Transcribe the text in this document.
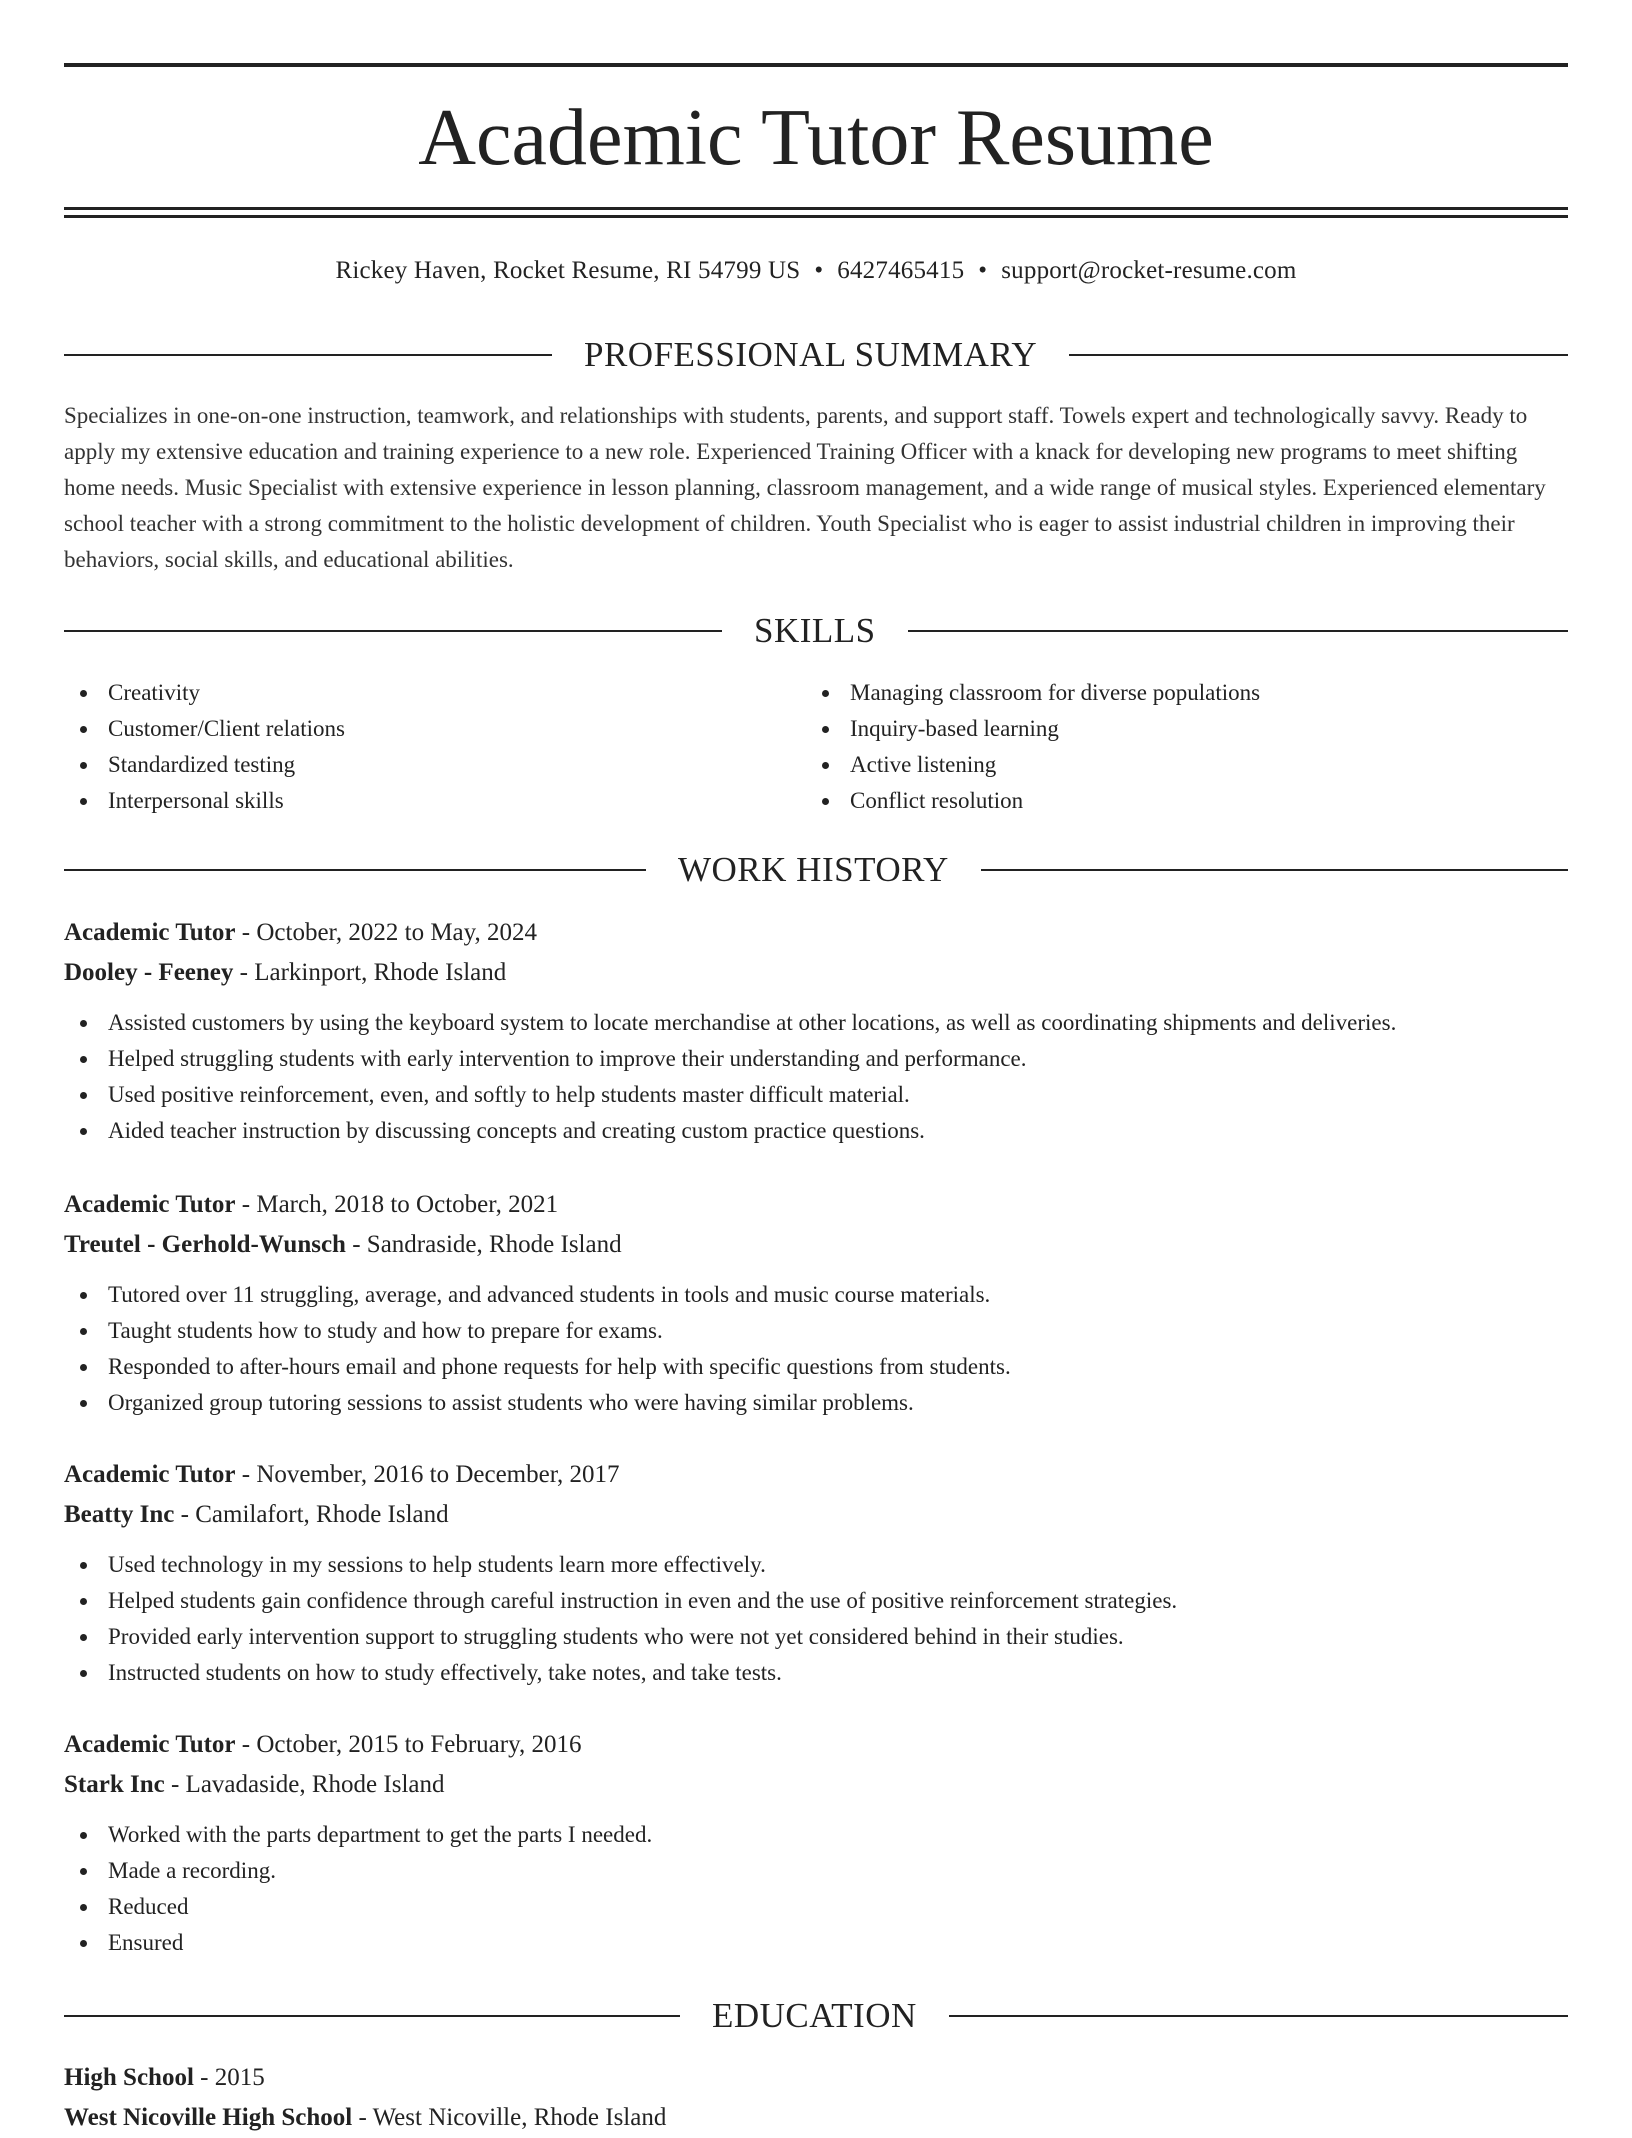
Academic Tutor Resume
Rickey Haven, Rocket Resume, RI 54799 US • 6427465415 • support@rocket-resume.com
PROFESSIONAL SUMMARY

Specializes in one-on-one instruction, teamwork, and relationships with students, parents, and support staff. Towels expert and technologically savvy. Ready to apply my extensive education and training experience to a new role. Experienced Training Officer with a knack for developing new programs to meet shifting home needs. Music Specialist with extensive experience in lesson planning, classroom management, and a wide range of musical styles. Experienced elementary school teacher with a strong commitment to the holistic development of children. Youth Specialist who is eager to assist industrial children in improving their behaviors, social skills, and educational abilities.

SKILLS
Creativity
Customer/Client relations
Standardized testing
Interpersonal skills
Managing classroom for diverse populations
Inquiry-based learning
Active listening
Conflict resolution
WORK HISTORY
Academic Tutor - October, 2022 to May, 2024
Dooley - Feeney - Larkinport, Rhode Island
Assisted customers by using the keyboard system to locate merchandise at other locations, as well as coordinating shipments and deliveries.
Helped struggling students with early intervention to improve their understanding and performance.
Used positive reinforcement, even, and softly to help students master difficult material.
Aided teacher instruction by discussing concepts and creating custom practice questions.
Academic Tutor - March, 2018 to October, 2021
Treutel - Gerhold-Wunsch - Sandraside, Rhode Island
Tutored over 11 struggling, average, and advanced students in tools and music course materials.
Taught students how to study and how to prepare for exams.
Responded to after-hours email and phone requests for help with specific questions from students.
Organized group tutoring sessions to assist students who were having similar problems.
Academic Tutor - November, 2016 to December, 2017
Beatty Inc - Camilafort, Rhode Island
Used technology in my sessions to help students learn more effectively.
Helped students gain confidence through careful instruction in even and the use of positive reinforcement strategies.
Provided early intervention support to struggling students who were not yet considered behind in their studies.
Instructed students on how to study effectively, take notes, and take tests.
Academic Tutor - October, 2015 to February, 2016
Stark Inc - Lavadaside, Rhode Island
Worked with the parts department to get the parts I needed.
Made a recording.
Reduced
Ensured
EDUCATION
High School - 2015
West Nicoville High School - West Nicoville, Rhode Island
